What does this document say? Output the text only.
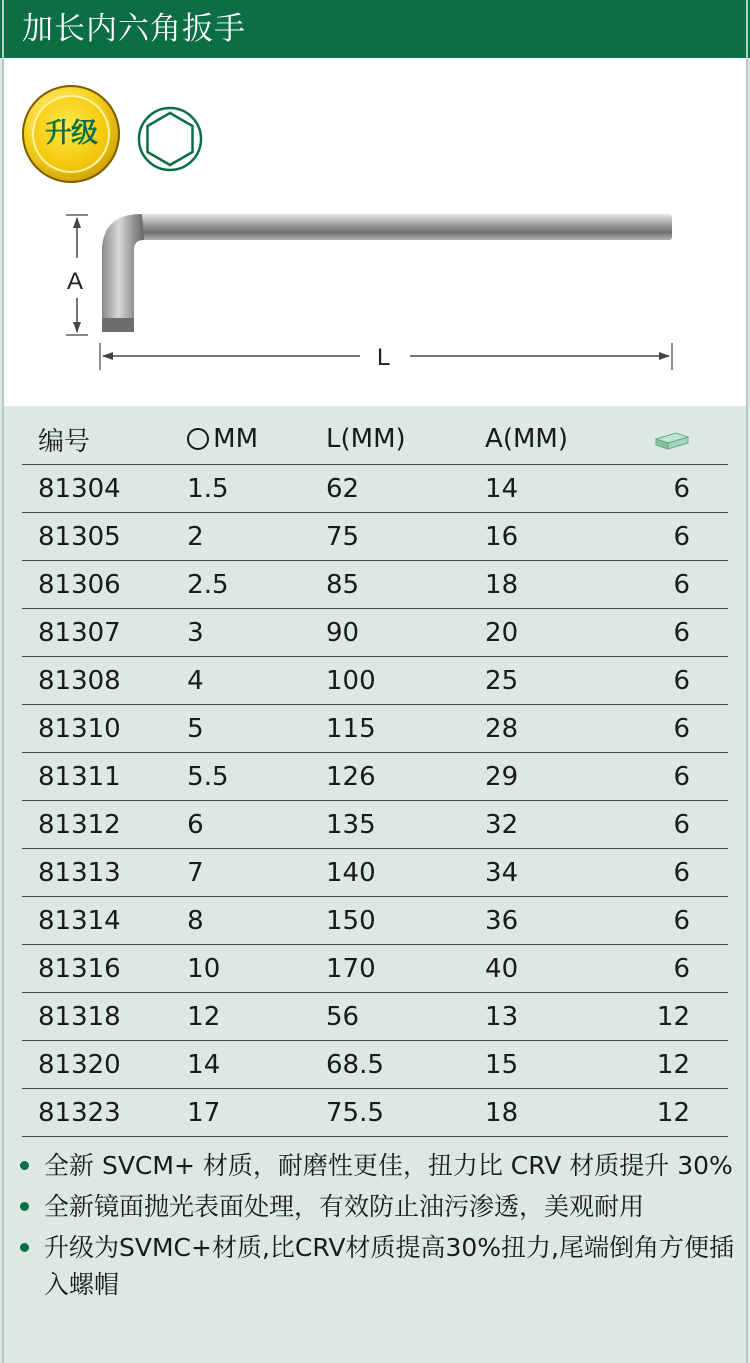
加长内六角扳手
升级
A
L
编号	MM	L(MM)	A(MM)	
81304	1.5	62	14	6
81305	2	75	16	6
81306	2.5	85	18	6
81307	3	90	20	6
81308	4	100	25	6
81310	5	115	28	6
81311	5.5	126	29	6
81312	6	135	32	6
81313	7	140	34	6
81314	8	150	36	6
81316	10	170	40	6
81318	12	56	13	12
81320	14	68.5	15	12
81323	17	75.5	18	12
全新 SVCM+ 材质，耐磨性更佳，扭力比 CRV 材质提升 30%
全新镜面抛光表面处理，有效防止油污渗透，美观耐用
升级为SVMC+材质,比CRV材质提高30%扭力,尾端倒角方便插入螺帽
